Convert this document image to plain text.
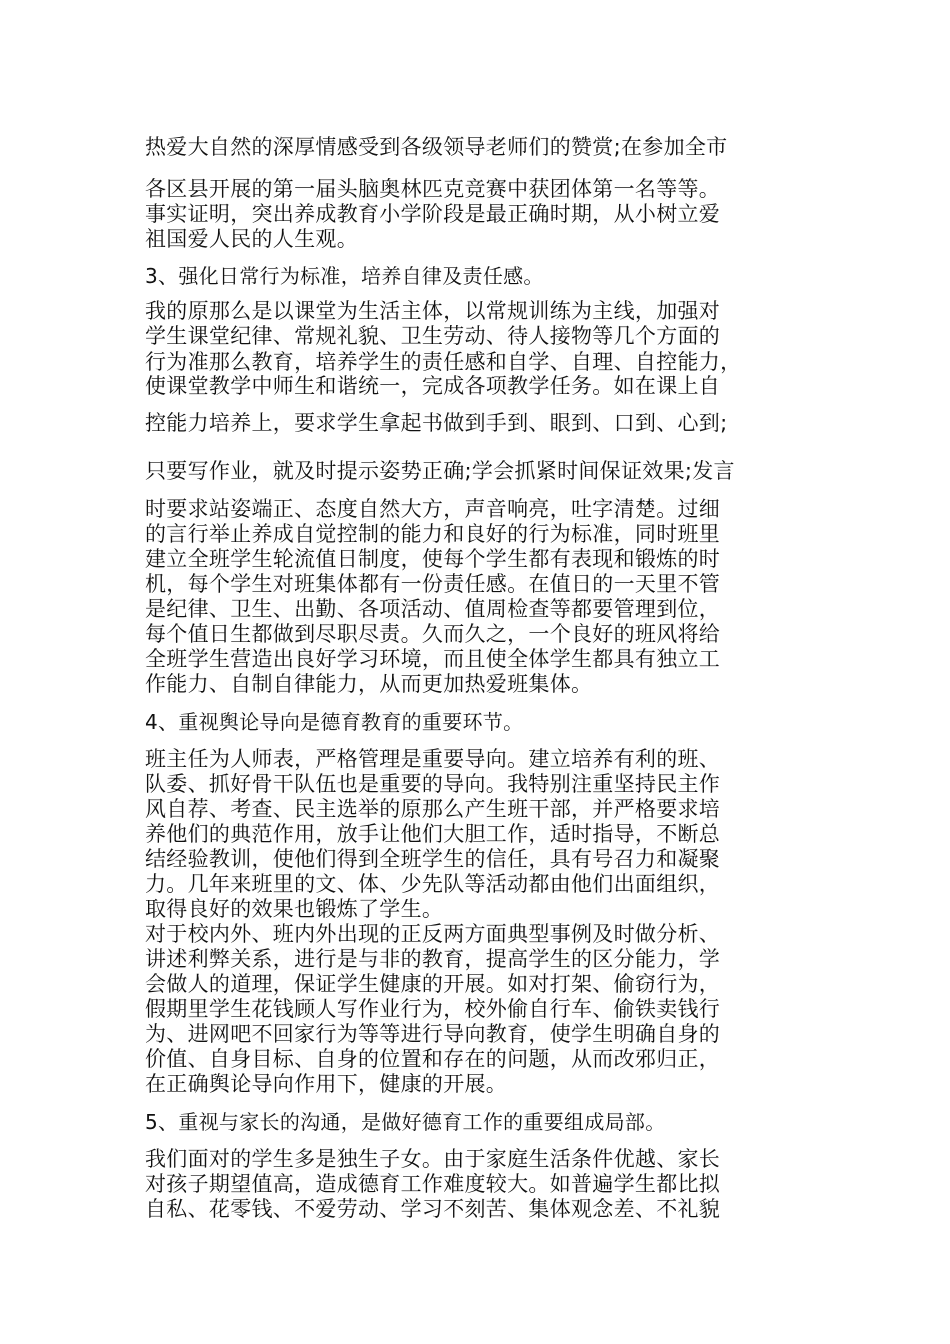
热爱大自然的深厚情感受到各级领导老师们的赞赏;在参加全市

各区县开展的第一届头脑奥林匹克竞赛中获团体第一名等等。

事实证明，突出养成教育小学阶段是最正确时期，从小树立爱

祖国爱人民的人生观。

3、强化日常行为标准，培养自律及责任感。

我的原那么是以课堂为生活主体，以常规训练为主线，加强对

学生课堂纪律、常规礼貌、卫生劳动、待人接物等几个方面的

行为准那么教育，培养学生的责任感和自学、自理、自控能力，

使课堂教学中师生和谐统一，完成各项教学任务。如在课上自

控能力培养上，要求学生拿起书做到手到、眼到、口到、心到;

只要写作业，就及时提示姿势正确;学会抓紧时间保证效果;发言

时要求站姿端正、态度自然大方，声音响亮，吐字清楚。过细

的言行举止养成自觉控制的能力和良好的行为标准，同时班里

建立全班学生轮流值日制度，使每个学生都有表现和锻炼的时

机，每个学生对班集体都有一份责任感。在值日的一天里不管

是纪律、卫生、出勤、各项活动、值周检查等都要管理到位，

每个值日生都做到尽职尽责。久而久之，一个良好的班风将给

全班学生营造出良好学习环境，而且使全体学生都具有独立工

作能力、自制自律能力，从而更加热爱班集体。

4、重视舆论导向是德育教育的重要环节。

班主任为人师表，严格管理是重要导向。建立培养有利的班、

队委、抓好骨干队伍也是重要的导向。我特别注重坚持民主作

风自荐、考查、民主选举的原那么产生班干部，并严格要求培

养他们的典范作用，放手让他们大胆工作，适时指导，不断总

结经验教训，使他们得到全班学生的信任，具有号召力和凝聚

力。几年来班里的文、体、少先队等活动都由他们出面组织，

取得良好的效果也锻炼了学生。

对于校内外、班内外出现的正反两方面典型事例及时做分析、

讲述利弊关系，进行是与非的教育，提高学生的区分能力，学

会做人的道理，保证学生健康的开展。如对打架、偷窃行为，

假期里学生花钱顾人写作业行为，校外偷自行车、偷铁卖钱行

为、进网吧不回家行为等等进行导向教育，使学生明确自身的

价值、自身目标、自身的位置和存在的问题，从而改邪归正，

在正确舆论导向作用下，健康的开展。

5、重视与家长的沟通，是做好德育工作的重要组成局部。

我们面对的学生多是独生子女。由于家庭生活条件优越、家长

对孩子期望值高，造成德育工作难度较大。如普遍学生都比拟

自私、花零钱、不爱劳动、学习不刻苦、集体观念差、不礼貌
